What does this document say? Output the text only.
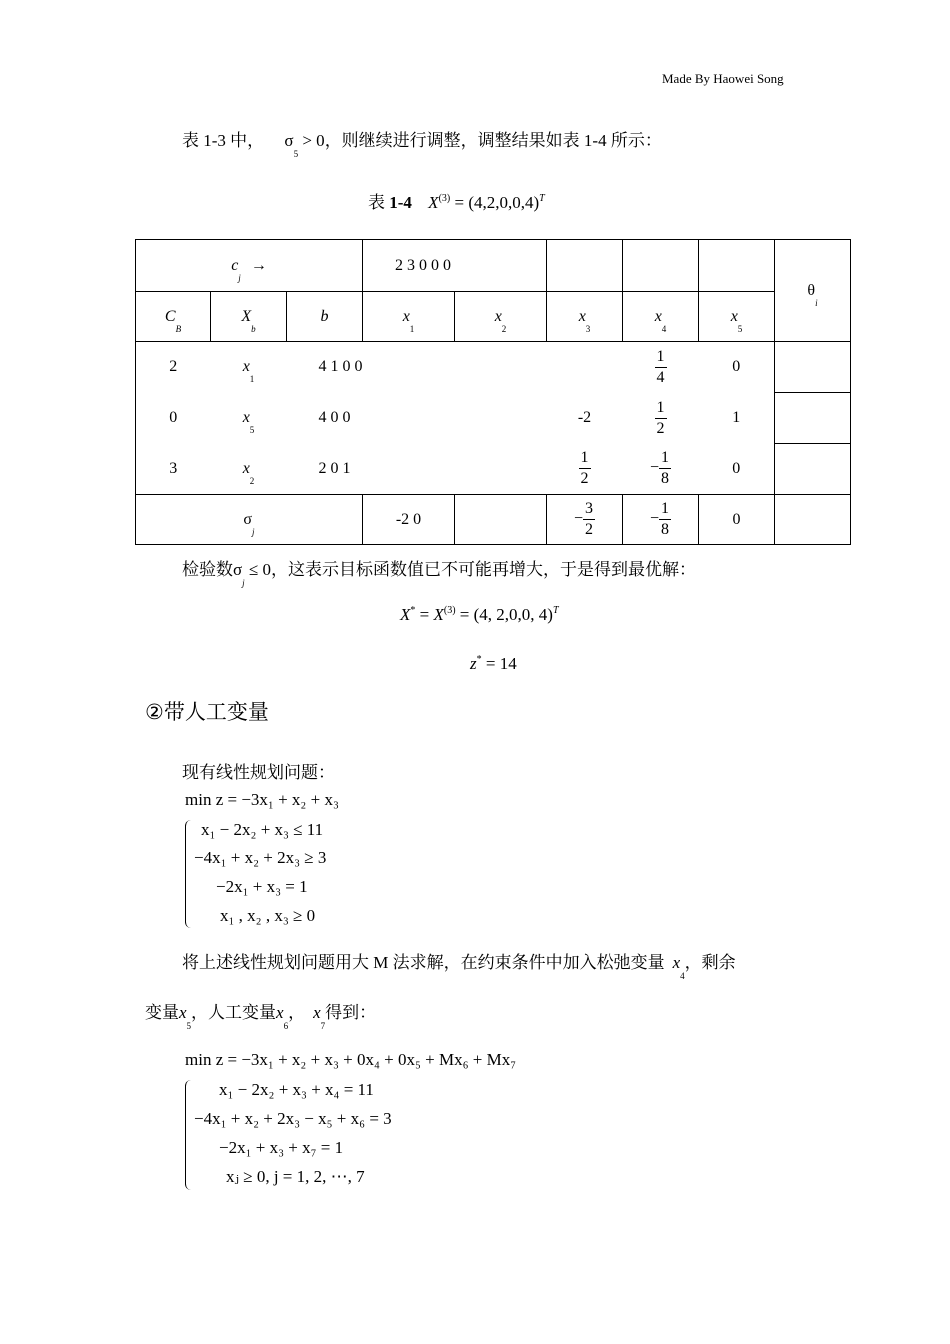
Made By Haowei Song
表 1-3 中， $\sigma_5 > 0$，则继续进行调整，调整结果如表 1-4 所示：
表 1-4 $X^{(3)} = (4,2,0,0,4)^T$
$c_j$ →			2 3 0 0 0					$\theta_i$
$C_B$	$X_b$	b	$x_1$	$x_2$	$x_3$	$x_4$	$x_5$
2	$x_1$	4 1 0 0				$\frac{1}{4}$	0	
0	$x_5$	4 0 0			-2	$\frac{1}{2}$	1	
3	$x_2$	2 0 1			$\frac{1}{2}$	− $\frac{1}{8}$	0	
$\sigma_j$			-2 0		− $\frac{3}{2}$	− $\frac{1}{8}$	0	
检验数$\sigma_j \le 0$，这表示目标函数值已不可能再增大，于是得到最优解：
$X^* = X^{(3)} = (4$, 2,0,0, 4)$^T$
z* = 14
②带人工变量
现有线性规划问题：
min z = −3x₁ + x₂ + x₃
x₁ − 2x₂ + x₃ ≤ 11
−4x₁ + x₂ + 2x₃ ≥ 3
−2x₁ + x₃ = 1
x₁ , x₂ , x₃ ≥ 0
将上述线性规划问题用大 M 法求解，在约束条件中加入松弛变量 $x_4$，剩余
变量$x_5$，人工变量$x_6$， $x_7$得到：
min z = −3x₁ + x₂ + x₃ + 0x₄ + 0x₅ + Mx₆ + Mx₇
x₁ − 2x₂ + x₃ + x₄ = 11
−4x₁ + x₂ + 2x₃ − x₅ + x₆ = 3
−2x₁ + x₃ + x₇ = 1
xⱼ ≥ 0, j = 1, 2, ⋯, 7
